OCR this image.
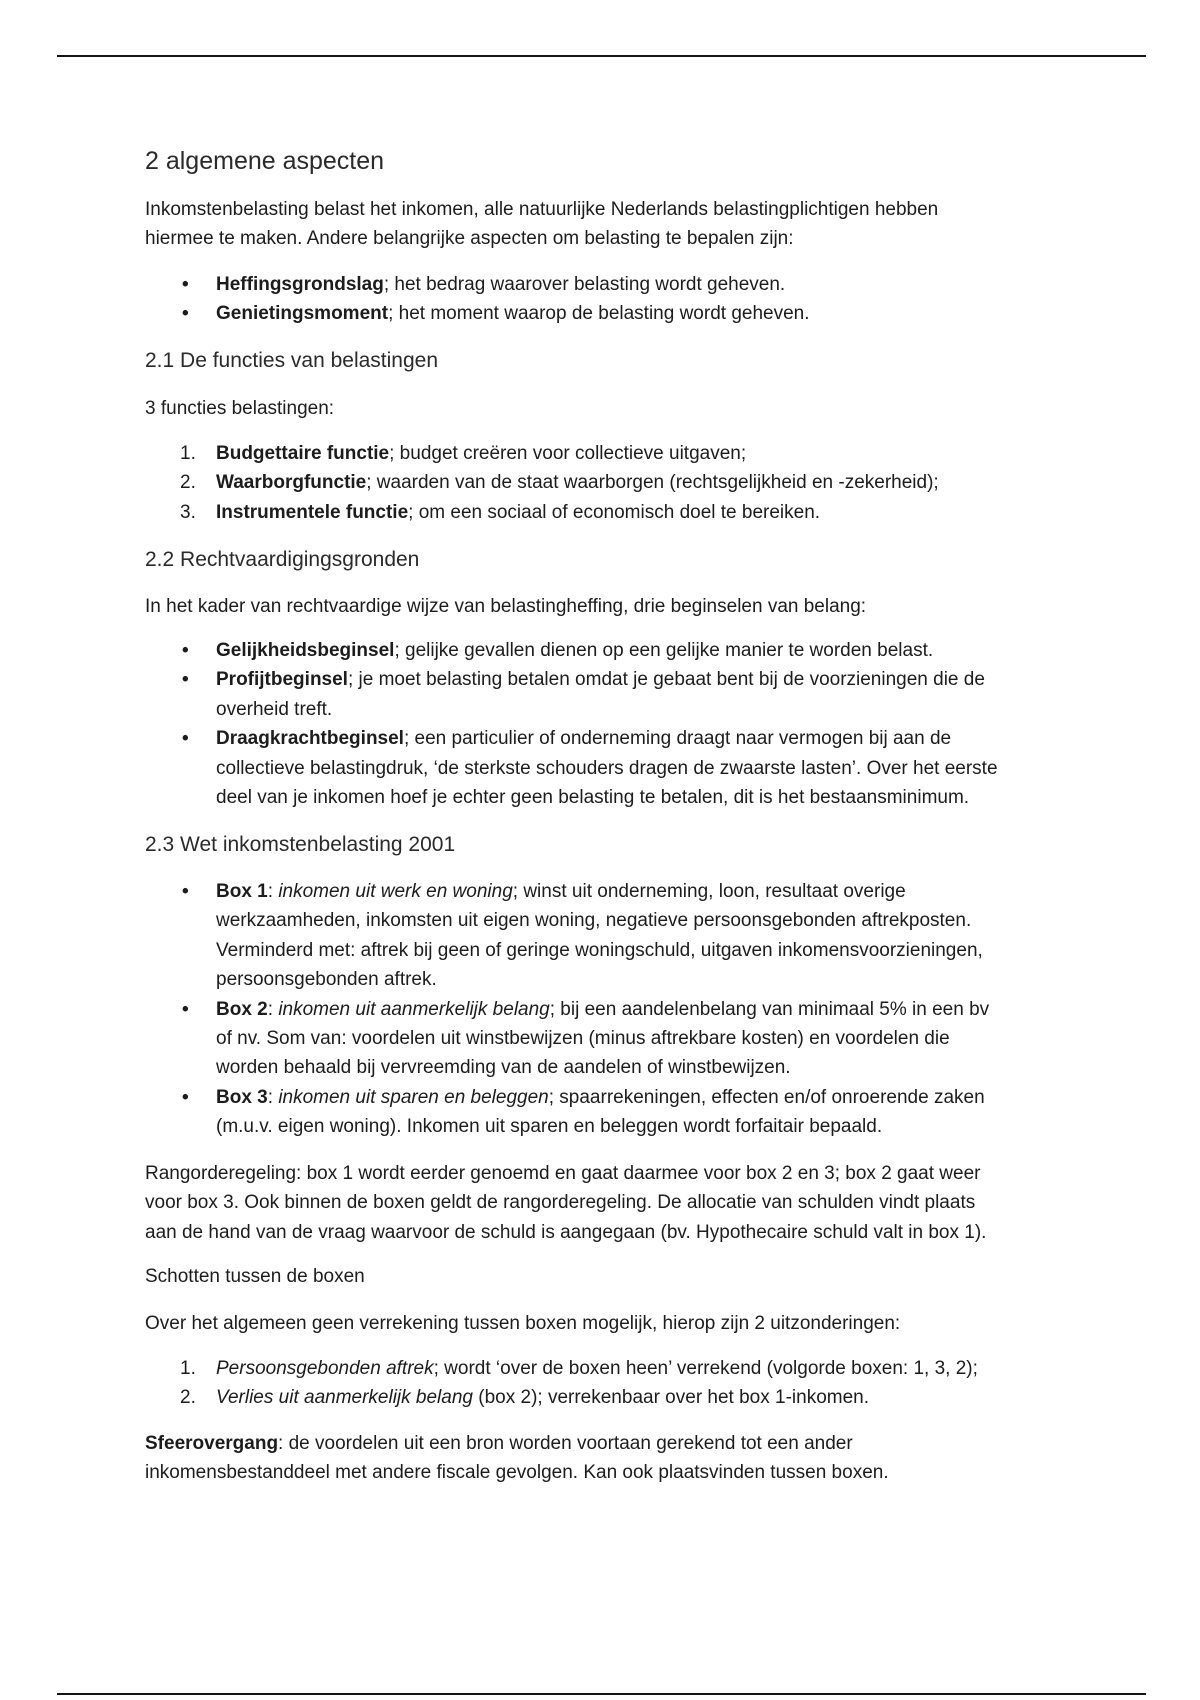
2 algemene aspecten
Inkomstenbelasting belast het inkomen, alle natuurlijke Nederlands belastingplichtigen hebben
hiermee te maken. Andere belangrijke aspecten om belasting te bepalen zijn:
• Heffingsgrondslag; het bedrag waarover belasting wordt geheven.
• Genietingsmoment; het moment waarop de belasting wordt geheven.
2.1 De functies van belastingen
3 functies belastingen:
1. Budgettaire functie; budget creëren voor collectieve uitgaven;
2. Waarborgfunctie; waarden van de staat waarborgen (rechtsgelijkheid en -zekerheid);
3. Instrumentele functie; om een sociaal of economisch doel te bereiken.
2.2 Rechtvaardigingsgronden
In het kader van rechtvaardige wijze van belastingheffing, drie beginselen van belang:
• Gelijkheidsbeginsel; gelijke gevallen dienen op een gelijke manier te worden belast.
• Profijtbeginsel; je moet belasting betalen omdat je gebaat bent bij de voorzieningen die de
overheid treft.
• Draagkrachtbeginsel; een particulier of onderneming draagt naar vermogen bij aan de
collectieve belastingdruk, ‘de sterkste schouders dragen de zwaarste lasten’. Over het eerste
deel van je inkomen hoef je echter geen belasting te betalen, dit is het bestaansminimum.
2.3 Wet inkomstenbelasting 2001
• Box 1: inkomen uit werk en woning; winst uit onderneming, loon, resultaat overige
werkzaamheden, inkomsten uit eigen woning, negatieve persoonsgebonden aftrekposten.
Verminderd met: aftrek bij geen of geringe woningschuld, uitgaven inkomensvoorzieningen,
persoonsgebonden aftrek.
• Box 2: inkomen uit aanmerkelijk belang; bij een aandelenbelang van minimaal 5% in een bv
of nv. Som van: voordelen uit winstbewijzen (minus aftrekbare kosten) en voordelen die
worden behaald bij vervreemding van de aandelen of winstbewijzen.
• Box 3: inkomen uit sparen en beleggen; spaarrekeningen, effecten en/of onroerende zaken
(m.u.v. eigen woning). Inkomen uit sparen en beleggen wordt forfaitair bepaald.
Rangorderegeling: box 1 wordt eerder genoemd en gaat daarmee voor box 2 en 3; box 2 gaat weer
voor box 3. Ook binnen de boxen geldt de rangorderegeling. De allocatie van schulden vindt plaats
aan de hand van de vraag waarvoor de schuld is aangegaan (bv. Hypothecaire schuld valt in box 1).
Schotten tussen de boxen
Over het algemeen geen verrekening tussen boxen mogelijk, hierop zijn 2 uitzonderingen:
1. Persoonsgebonden aftrek; wordt ‘over de boxen heen’ verrekend (volgorde boxen: 1, 3, 2);
2. Verlies uit aanmerkelijk belang (box 2); verrekenbaar over het box 1-inkomen.
Sfeerovergang: de voordelen uit een bron worden voortaan gerekend tot een ander
inkomensbestanddeel met andere fiscale gevolgen. Kan ook plaatsvinden tussen boxen.
